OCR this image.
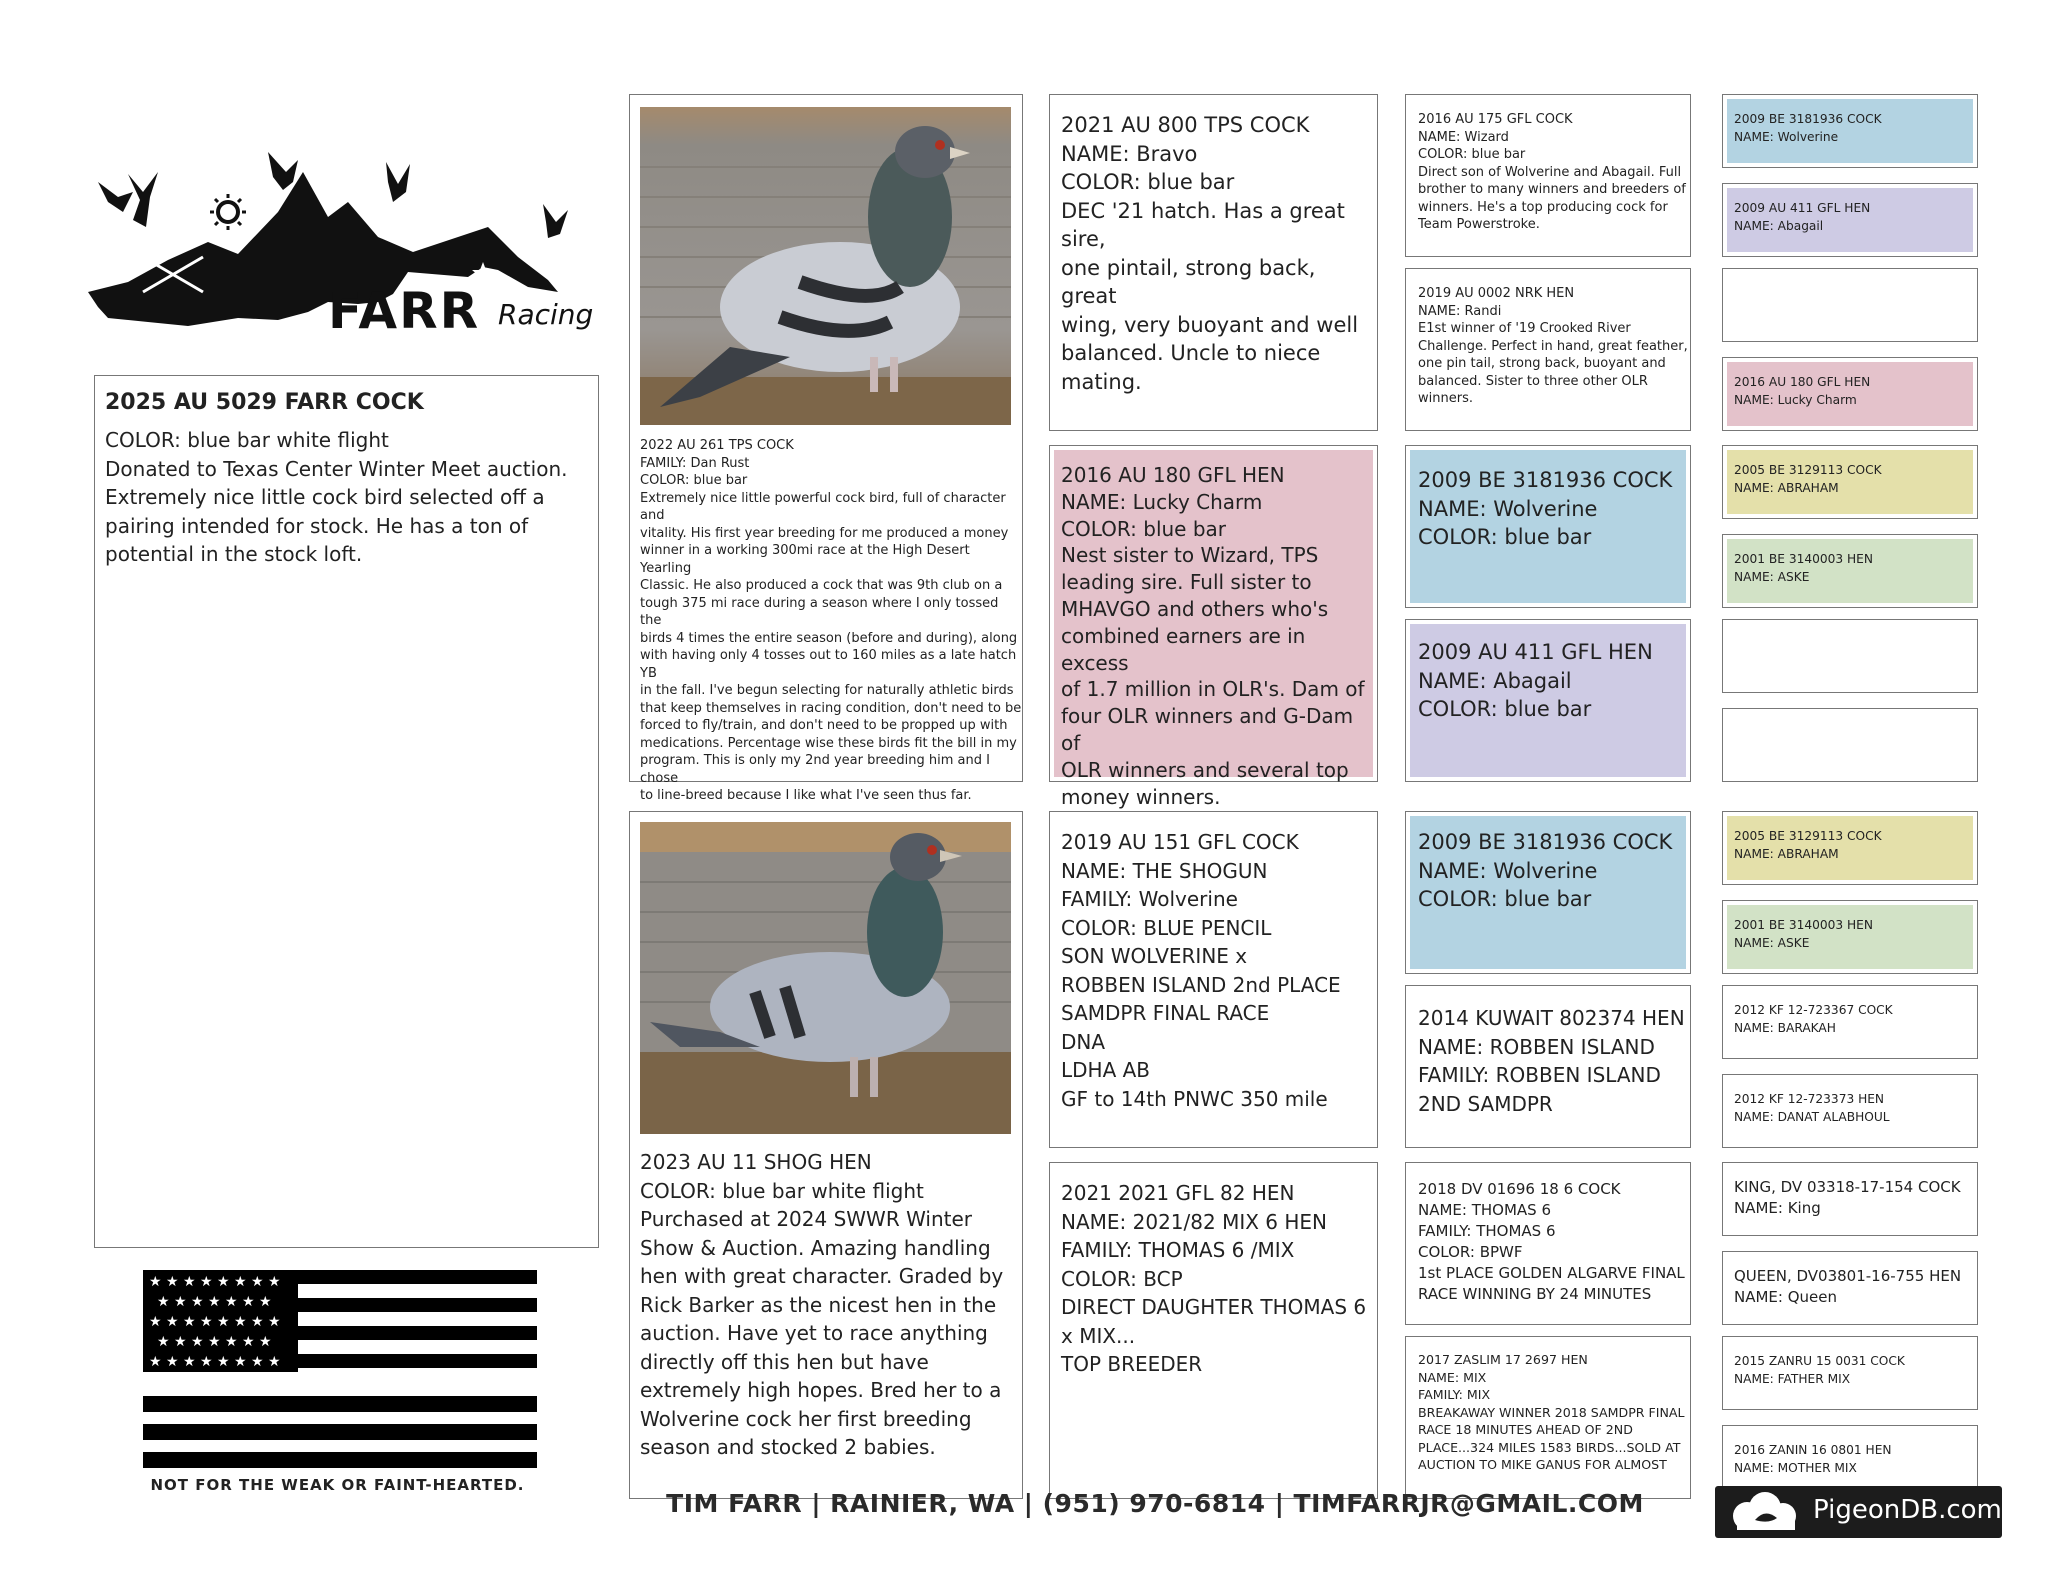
FARR Racing
2025 AU 5029 FARR COCK
COLOR: blue bar white flight
Donated to Texas Center Winter Meet auction.
Extremely nice little cock bird selected off a
pairing intended for stock. He has a ton of
potential in the stock loft.
★ ★ ★ ★ ★ ★ ★ ★
★ ★ ★ ★ ★ ★ ★
★ ★ ★ ★ ★ ★ ★ ★
★ ★ ★ ★ ★ ★ ★
★ ★ ★ ★ ★ ★ ★ ★
NOT FOR THE WEAK OR FAINT-HEARTED.
2022 AU 261 TPS COCK
FAMILY: Dan Rust
COLOR: blue bar
Extremely nice little powerful cock bird, full of character and
vitality. His first year breeding for me produced a money
winner in a working 300mi race at the High Desert Yearling
Classic. He also produced a cock that was 9th club on a
tough 375 mi race during a season where I only tossed the
birds 4 times the entire season (before and during), along
with having only 4 tosses out to 160 miles as a late hatch YB
in the fall. I've begun selecting for naturally athletic birds
that keep themselves in racing condition, don't need to be
forced to fly/train, and don't need to be propped up with
medications. Percentage wise these birds fit the bill in my
program. This is only my 2nd year breeding him and I chose
to line-breed because I like what I've seen thus far.
2021 AU 800 TPS COCK
NAME: Bravo
COLOR: blue bar
DEC '21 hatch. Has a great sire,
one pintail, strong back, great
wing, very buoyant and well
balanced. Uncle to niece
mating.
2016 AU 180 GFL HEN
NAME: Lucky Charm
COLOR: blue bar
Nest sister to Wizard, TPS
leading sire. Full sister to
MHAVGO and others who's
combined earners are in excess
of 1.7 million in OLR's. Dam of
four OLR winners and G-Dam of
OLR winners and several top
money winners.
2016 AU 175 GFL COCK
NAME: Wizard
COLOR: blue bar
Direct son of Wolverine and Abagail. Full
brother to many winners and breeders of
winners. He's a top producing cock for
Team Powerstroke.
2019 AU 0002 NRK HEN
NAME: Randi
E1st winner of '19 Crooked River
Challenge. Perfect in hand, great feather,
one pin tail, strong back, buoyant and
balanced. Sister to three other OLR
winners.
2009 BE 3181936 COCK
NAME: Wolverine
COLOR: blue bar
2009 AU 411 GFL HEN
NAME: Abagail
COLOR: blue bar
2009 BE 3181936 COCK
NAME: Wolverine
2009 AU 411 GFL HEN
NAME: Abagail
2016 AU 180 GFL HEN
NAME: Lucky Charm
2005 BE 3129113 COCK
NAME: ABRAHAM
2001 BE 3140003 HEN
NAME: ASKE
2023 AU 11 SHOG HEN
COLOR: blue bar white flight
Purchased at 2024 SWWR Winter
Show & Auction. Amazing handling
hen with great character. Graded by
Rick Barker as the nicest hen in the
auction. Have yet to race anything
directly off this hen but have
extremely high hopes. Bred her to a
Wolverine cock her first breeding
season and stocked 2 babies.
2019 AU 151 GFL COCK
NAME: THE SHOGUN
FAMILY: Wolverine
COLOR: BLUE PENCIL
SON WOLVERINE x
ROBBEN ISLAND 2nd PLACE
SAMDPR FINAL RACE
DNA
LDHA AB
GF to 14th PNWC 350 mile
2021 2021 GFL 82 HEN
NAME: 2021/82 MIX 6 HEN
FAMILY: THOMAS 6 /MIX
COLOR: BCP
DIRECT DAUGHTER THOMAS 6
x MIX...
TOP BREEDER
2009 BE 3181936 COCK
NAME: Wolverine
COLOR: blue bar
2014 KUWAIT 802374 HEN
NAME: ROBBEN ISLAND
FAMILY: ROBBEN ISLAND
2ND SAMDPR
2018 DV 01696 18 6 COCK
NAME: THOMAS 6
FAMILY: THOMAS 6
COLOR: BPWF
1st PLACE GOLDEN ALGARVE FINAL
RACE WINNING BY 24 MINUTES
2017 ZASLIM 17 2697 HEN
NAME: MIX
FAMILY: MIX
BREAKAWAY WINNER 2018 SAMDPR FINAL
RACE 18 MINUTES AHEAD OF 2ND
PLACE...324 MILES 1583 BIRDS...SOLD AT
AUCTION TO MIKE GANUS FOR ALMOST
2005 BE 3129113 COCK
NAME: ABRAHAM
2001 BE 3140003 HEN
NAME: ASKE
2012 KF 12-723367 COCK
NAME: BARAKAH
2012 KF 12-723373 HEN
NAME: DANAT ALABHOUL
KING, DV 03318-17-154 COCK
NAME: King
QUEEN, DV03801-16-755 HEN
NAME: Queen
2015 ZANRU 15 0031 COCK
NAME: FATHER MIX
2016 ZANIN 16 0801 HEN
NAME: MOTHER MIX
TIM FARR | RAINIER, WA | (951) 970-6814 | TIMFARRJR@GMAIL.COM	PigeonDB.com
